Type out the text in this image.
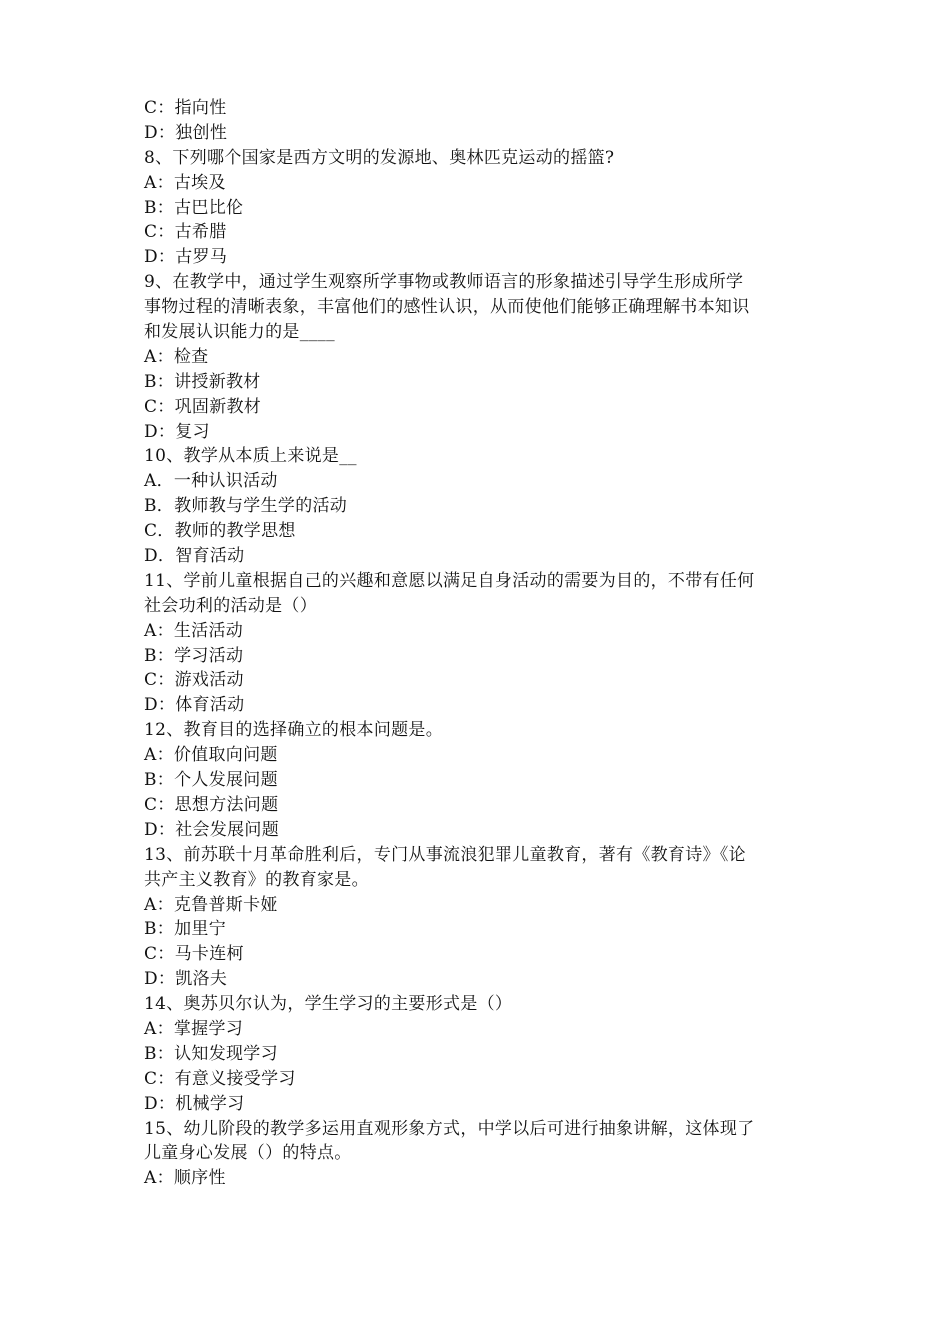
C：指向性
D：独创性
8、下列哪个国家是西方文明的发源地、奥林匹克运动的摇篮?
A：古埃及
B：古巴比伦
C：古希腊
D：古罗马
9、在教学中，通过学生观察所学事物或教师语言的形象描述引导学生形成所学
事物过程的清晰表象，丰富他们的感性认识，从而使他们能够正确理解书本知识
和发展认识能力的是____
A：检查
B：讲授新教材
C：巩固新教材
D：复习
10、教学从本质上来说是__
A．一种认识活动
B．教师教与学生学的活动
C．教师的教学思想
D．智育活动
11、学前儿童根据自己的兴趣和意愿以满足自身活动的需要为目的，不带有任何
社会功利的活动是（）
A：生活活动
B：学习活动
C：游戏活动
D：体育活动
12、教育目的选择确立的根本问题是。
A：价值取向问题
B：个人发展问题
C：思想方法问题
D：社会发展问题
13、前苏联十月革命胜利后，专门从事流浪犯罪儿童教育，著有《教育诗》《论
共产主义教育》的教育家是。
A：克鲁普斯卡娅
B：加里宁
C：马卡连柯
D：凯洛夫
14、奥苏贝尔认为，学生学习的主要形式是（）
A：掌握学习
B：认知发现学习
C：有意义接受学习
D：机械学习
15、幼儿阶段的教学多运用直观形象方式，中学以后可进行抽象讲解，这体现了
儿童身心发展（）的特点。
A：顺序性
